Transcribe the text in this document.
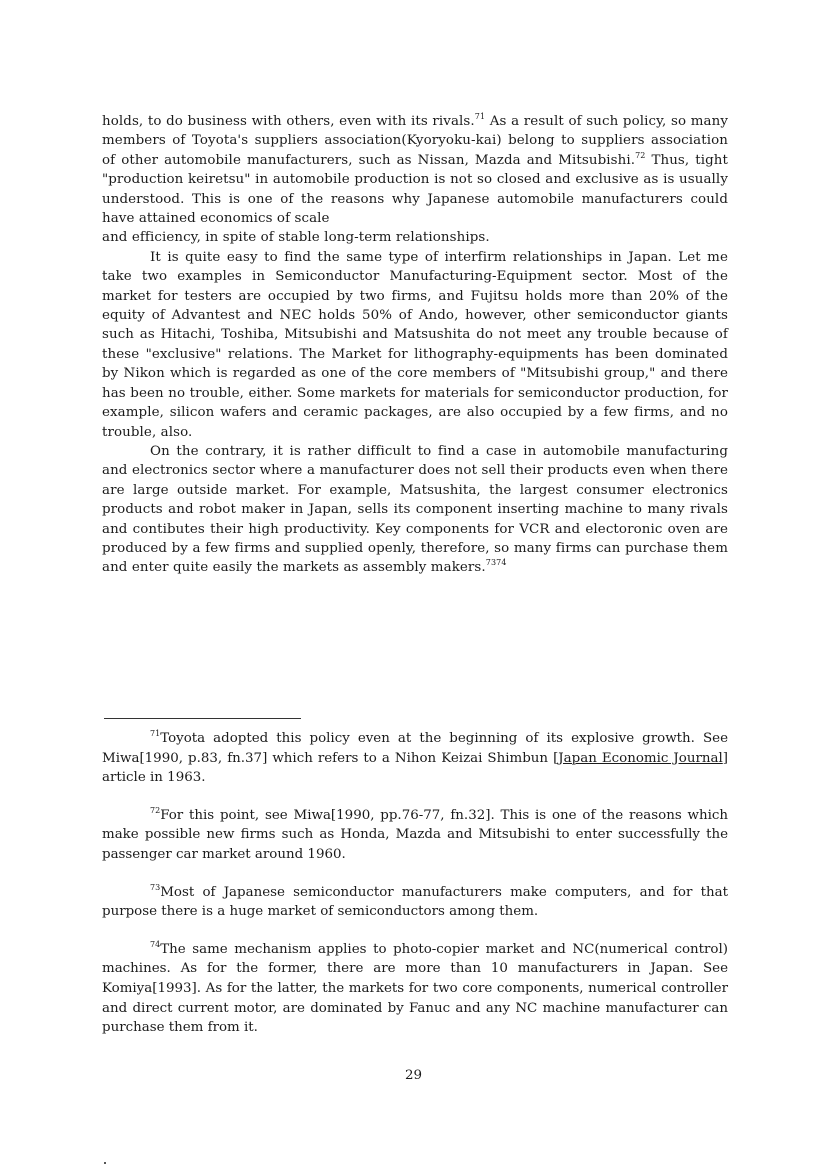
holds, to do business with others, even with its rivals.$^{71}$ As a result of such policy, so many members of Toyota's suppliers association(Kyoryoku-kai) belong to suppliers association of other automobile manufacturers, such as Nissan, Mazda and Mitsubishi.$^{72}$ Thus, tight "production keiretsu" in automobile production is not so closed and exclusive as is usually understood. This is one of the reasons why Japanese automobile manufacturers could have attained economics of scale

and efficiency, in spite of stable long-term relationships.

It is quite easy to find the same type of interfirm relationships in Japan. Let me take two examples in Semiconductor Manufacturing-Equipment sector. Most of the market for testers are occupied by two firms, and Fujitsu holds more than 20% of the equity of Advantest and NEC holds 50% of Ando, however, other semiconductor giants such as Hitachi, Toshiba, Mitsubishi and Matsushita do not meet any trouble because of these "exclusive" relations. The Market for lithography-equipments has been dominated by Nikon which is regarded as one of the core members of "Mitsubishi group," and there has been no trouble, either. Some markets for materials for semiconductor production, for example, silicon wafers and ceramic packages, are also occupied by a few firms, and no trouble, also.

On the contrary, it is rather difficult to find a case in automobile manufacturing and electronics sector where a manufacturer does not sell their products even when there are large outside market. For example, Matsushita, the largest consumer electronics products and robot maker in Japan, sells its component inserting machine to many rivals and contibutes their high productivity. Key components for VCR and electoronic oven are produced by a few firms and supplied openly, therefore, so many firms can purchase them and enter quite easily the markets as assembly makers.$^{7374}$

$^{71}$Toyota adopted this policy even at the beginning of its explosive growth. See Miwa[1990, p.83, fn.37] which refers to a Nihon Keizai Shimbun [Japan Economic Journal] article in 1963.

$^{72}$For this point, see Miwa[1990, pp.76-77, fn.32]. This is one of the reasons which make possible new firms such as Honda, Mazda and Mitsubishi to enter successfully the passenger car market around 1960.

$^{73}$Most of Japanese semiconductor manufacturers make computers, and for that purpose there is a huge market of semiconductors among them.

$^{74}$The same mechanism applies to photo-copier market and NC(numerical control) machines. As for the former, there are more than 10 manufacturers in Japan. See Komiya[1993]. As for the latter, the markets for two core components, numerical controller and direct current motor, are dominated by Fanuc and any NC machine manufacturer can purchase them from it.

29
